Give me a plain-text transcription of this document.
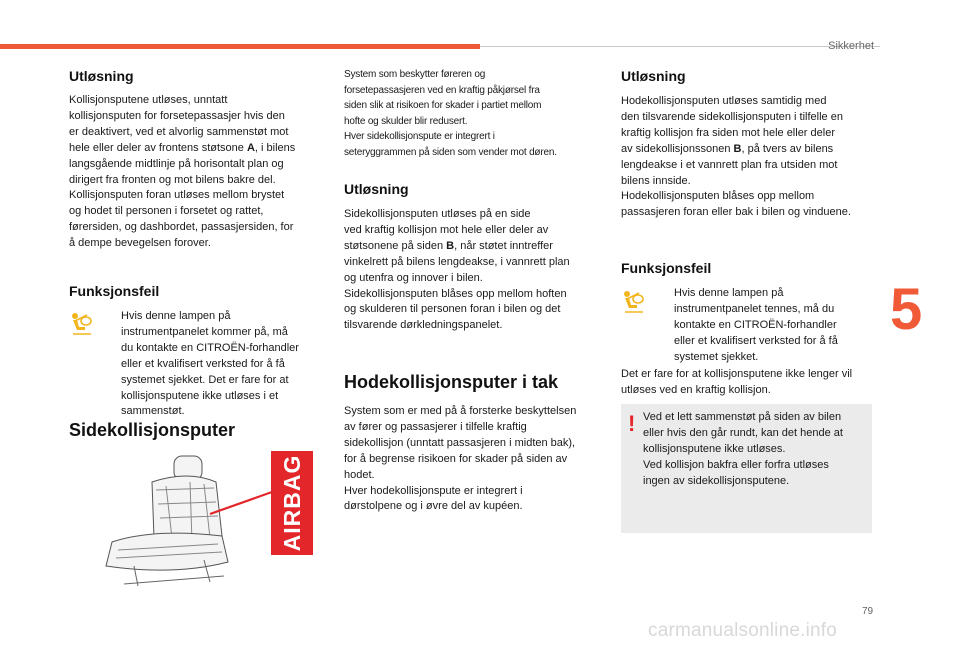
Sikkerhet
5
Utløsning

Kollisjonsputene utløses, unntatt
kollisjonsputen for forsetepassasjer hvis den
er deaktivert, ved et alvorlig sammenstøt mot
hele eller deler av frontens støtsone A, i bilens
langsgående midtlinje på horisontalt plan og
dirigert fra fronten og mot bilens bakre del.
Kollisjonsputen foran utløses mellom brystet
og hodet til personen i forsetet og rattet,
førersiden, og dashbordet, passasjersiden, for
å dempe bevegelsen forover.

Funksjonsfeil

Hvis denne lampen på
instrumentpanelet kommer på, må
du kontakte en CITROËN-forhandler
eller et kvalifisert verksted for å få
systemet sjekket. Det er fare for at
kollisjonsputene ikke utløses i et
sammenstøt.

Sidekollisjonsputer
AIRBAG

System som beskytter føreren og
forsetepassasjeren ved en kraftig påkjørsel fra
siden slik at risikoen for skader i partiet mellom
hofte og skulder blir redusert.
Hver sidekollisjonspute er integrert i
seteryggrammen på siden som vender mot døren.

Utløsning

Sidekollisjonsputen utløses på en side
ved kraftig kollisjon mot hele eller deler av
støtsonene på siden B, når støtet inntreffer
vinkelrett på bilens lengdeakse, i vannrett plan
og utenfra og innover i bilen.
Sidekollisjonsputen blåses opp mellom hoften
og skulderen til personen foran i bilen og det
tilsvarende dørkledningspanelet.

Hodekollisjonsputer i tak

System som er med på å forsterke beskyttelsen
av fører og passasjerer i tilfelle kraftig
sidekollisjon (unntatt passasjeren i midten bak),
for å begrense risikoen for skader på siden av
hodet.
Hver hodekollisjonspute er integrert i
dørstolpene og i øvre del av kupéen.

Utløsning

Hodekollisjonsputen utløses samtidig med
den tilsvarende sidekollisjonsputen i tilfelle en
kraftig kollisjon fra siden mot hele eller deler
av sidekollisjonssonen B, på tvers av bilens
lengdeakse i et vannrett plan fra utsiden mot
bilens innside.
Hodekollisjonsputen blåses opp mellom
passasjeren foran eller bak i bilen og vinduene.

Funksjonsfeil

Hvis denne lampen på
instrumentpanelet tennes, må du
kontakte en CITROËN-forhandler
eller et kvalifisert verksted for å få
systemet sjekket.

Det er fare for at kollisjonsputene ikke lenger vil
utløses ved en kraftig kollisjon.

! Ved et lett sammenstøt på siden av bilen
eller hvis den går rundt, kan det hende at
kollisjonsputene ikke utløses.
Ved kollisjon bakfra eller forfra utløses
ingen av sidekollisjonsputene.

79
carmanualsonline.info
